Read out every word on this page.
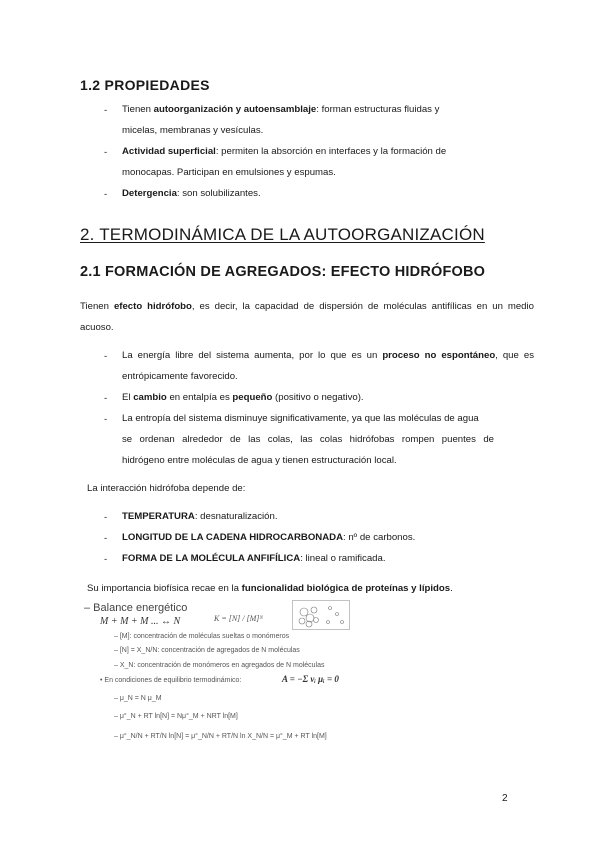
1.2 PROPIEDADES
- Tienen autoorganización y autoensamblaje: forman estructuras fluidas y
micelas, membranas y vesículas.
- Actividad superficial: permiten la absorción en interfaces y la formación de
monocapas. Participan en emulsiones y espumas.
- Detergencia: son solubilizantes.
2. TERMODINÁMICA DE LA AUTOORGANIZACIÓN
2.1 FORMACIÓN DE AGREGADOS: EFECTO HIDRÓFOBO
Tienen efecto hidrófobo, es decir, la capacidad de dispersión de moléculas antifílicas en un medio
acuoso.
- La energía libre del sistema aumenta, por lo que es un proceso no espontáneo, que es
entrópicamente favorecido.
- El cambio en entalpía es pequeño (positivo o negativo).
- La entropía del sistema disminuye significativamente, ya que las moléculas de agua
se ordenan alrededor de las colas, las colas hidrófobas rompen puentes de
hidrógeno entre moléculas de agua y tienen estructuración local.
La interacción hidrófoba depende de:
- TEMPERATURA: desnaturalización.
- LONGITUD DE LA CADENA HIDROCARBONADA: nº de carbonos.
- FORMA DE LA MOLÉCULA ANFIFÍLICA: lineal o ramificada.
Su importancia biofísica recae en la funcionalidad biológica de proteínas y lípidos.
– Balance energético
M + M + M ... ↔ N	K = [N] / [M]ᴺ
– [M]: concentración de moléculas sueltas o monómeros
– [N] = X_N/N: concentración de agregados de N moléculas
– X_N: concentración de monómeros en agregados de N moléculas
• En condiciones de equilibrio termodinámico:	A = −Σ νᵢ μᵢ = 0
– μ_N = N μ_M
– μ°_N + RT ln[N] = Nμ°_M + NRT ln[M]
– μ°_N/N + RT/N ln[N] = μ°_N/N + RT/N ln X_N/N = μ°_M + RT ln[M]
2
